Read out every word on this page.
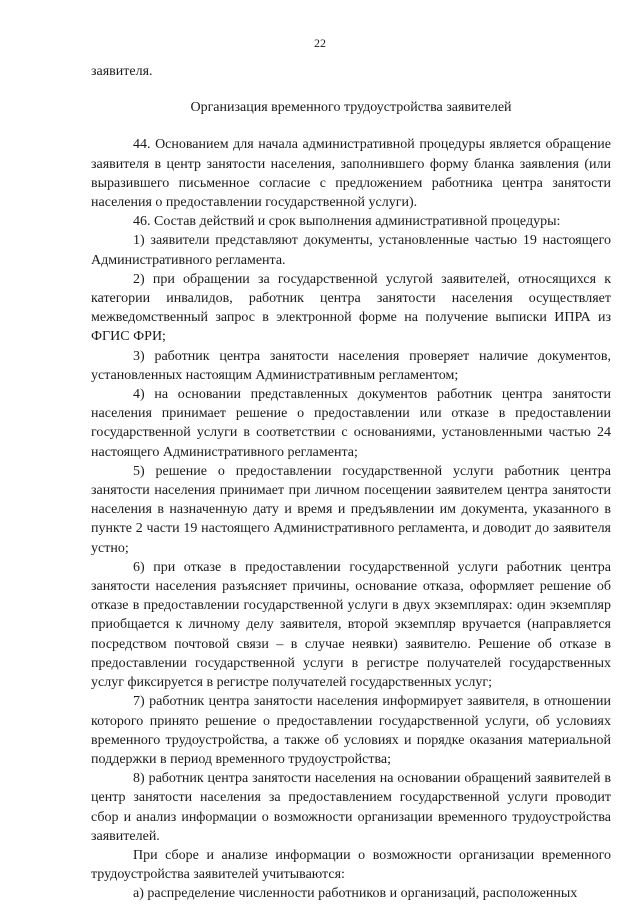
22

заявителя.

Организация временного трудоустройства заявителей

44. Основанием для начала административной процедуры является обращение заявителя в центр занятости населения, заполнившего форму бланка заявления (или выразившего письменное согласие с предложением работника центра занятости населения о предоставлении государственной услуги).

46. Состав действий и срок выполнения административной процедуры:

1) заявители представляют документы, установленные частью 19 настоящего Административного регламента.

2) при обращении за государственной услугой заявителей, относящихся к категории инвалидов, работник центра занятости населения осуществляет межведомственный запрос в электронной форме на получение выписки ИПРА из ФГИС ФРИ;

3) работник центра занятости населения проверяет наличие документов, установленных настоящим Административным регламентом;

4) на основании представленных документов работник центра занятости населения принимает решение о предоставлении или отказе в предоставлении государственной услуги в соответствии с основаниями, установленными частью 24 настоящего Административного регламента;

5) решение о предоставлении государственной услуги работник центра занятости населения принимает при личном посещении заявителем центра занятости населения в назначенную дату и время и предъявлении им документа, указанного в пункте 2 части 19 настоящего Административного регламента, и доводит до заявителя устно;

6) при отказе в предоставлении государственной услуги работник центра занятости населения разъясняет причины, основание отказа, оформляет решение об отказе в предоставлении государственной услуги в двух экземплярах: один экземпляр приобщается к личному делу заявителя, второй экземпляр вручается (направляется посредством почтовой связи – в случае неявки) заявителю. Решение об отказе в предоставлении государственной услуги в регистре получателей государственных услуг фиксируется в регистре получателей государственных услуг;

7) работник центра занятости населения информирует заявителя, в отношении которого принято решение о предоставлении государственной услуги, об условиях временного трудоустройства, а также об условиях и порядке оказания материальной поддержки в период временного трудоустройства;

8) работник центра занятости населения на основании обращений заявителей в центр занятости населения за предоставлением государственной услуги проводит сбор и анализ информации о возможности организации временного трудоустройства заявителей.

При сборе и анализе информации о возможности организации временного трудоустройства заявителей учитываются:

а) распределение численности работников и организаций, расположенных
